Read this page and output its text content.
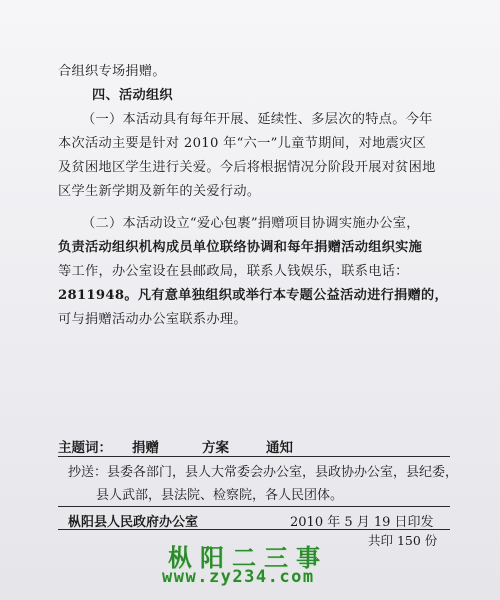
合组织专场捐赠。
四、活动组织
（一）本活动具有每年开展、延续性、多层次的特点。今年
本次活动主要是针对 2010 年“六一”儿童节期间，对地震灾区
及贫困地区学生进行关爱。今后将根据情况分阶段开展对贫困地
区学生新学期及新年的关爱行动。
（二）本活动设立“爱心包裹”捐赠项目协调实施办公室，
负责活动组织机构成员单位联络协调和每年捐赠活动组织实施
等工作，办公室设在县邮政局，联系人钱娱乐，联系电话：
2811948。凡有意单独组织或举行本专题公益活动进行捐赠的，
可与捐赠活动办公室联系办理。
主题词： 捐赠	方案	通知
抄送：县委各部门，县人大常委会办公室，县政协办公室，县纪委，
县人武部，县法院、检察院，各人民团体。
枞阳县人民政府办公室	2010 年 5 月 19 日印发
共印 150 份
枞阳二三事
www.zy234.com
